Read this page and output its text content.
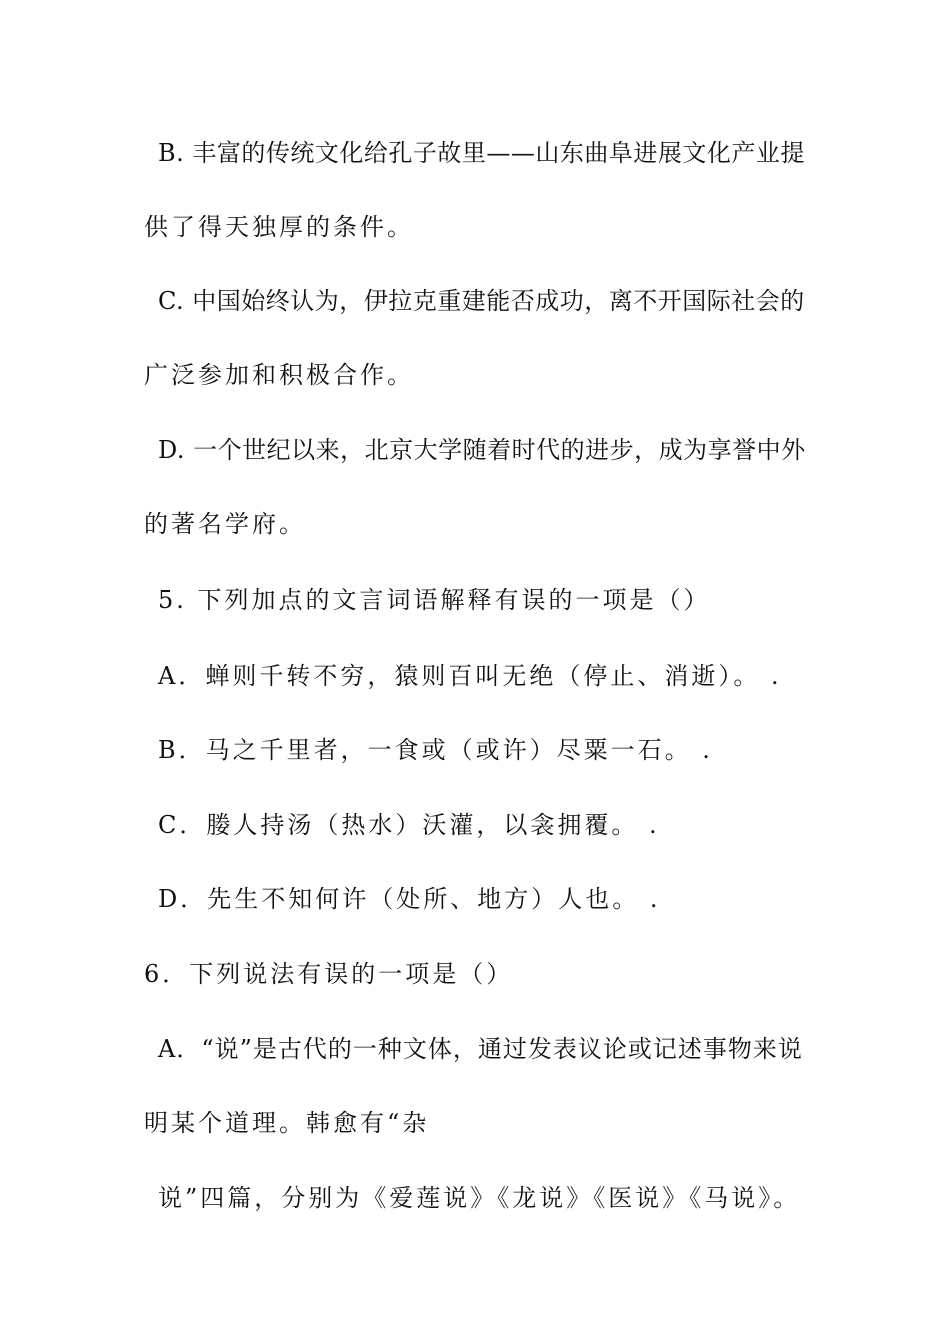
B. 丰富的传统文化给孔子故里——山东曲阜进展文化产业提
供了得天独厚的条件。
C. 中国始终认为，伊拉克重建能否成功，离不开国际社会的
广泛参加和积极合作。
D. 一个世纪以来，北京大学随着时代的进步，成为享誉中外
的著名学府。
5. 下列加点的文言词语解释有误的一项是（）
A．蝉则千转不穷，猿则百叫无绝（停止、消逝）。 .
B．马之千里者，一食或（或许）尽粟一石。 .
C．媵人持汤（热水）沃灌，以衾拥覆。 .
D．先生不知何许（处所、地方）人也。 .
6．下列说法有误的一项是（）
A．“说”是古代的一种文体，通过发表议论或记述事物来说
明某个道理。韩愈有“杂
说”四篇，分别为《爱莲说》《龙说》《医说》《马说》。
